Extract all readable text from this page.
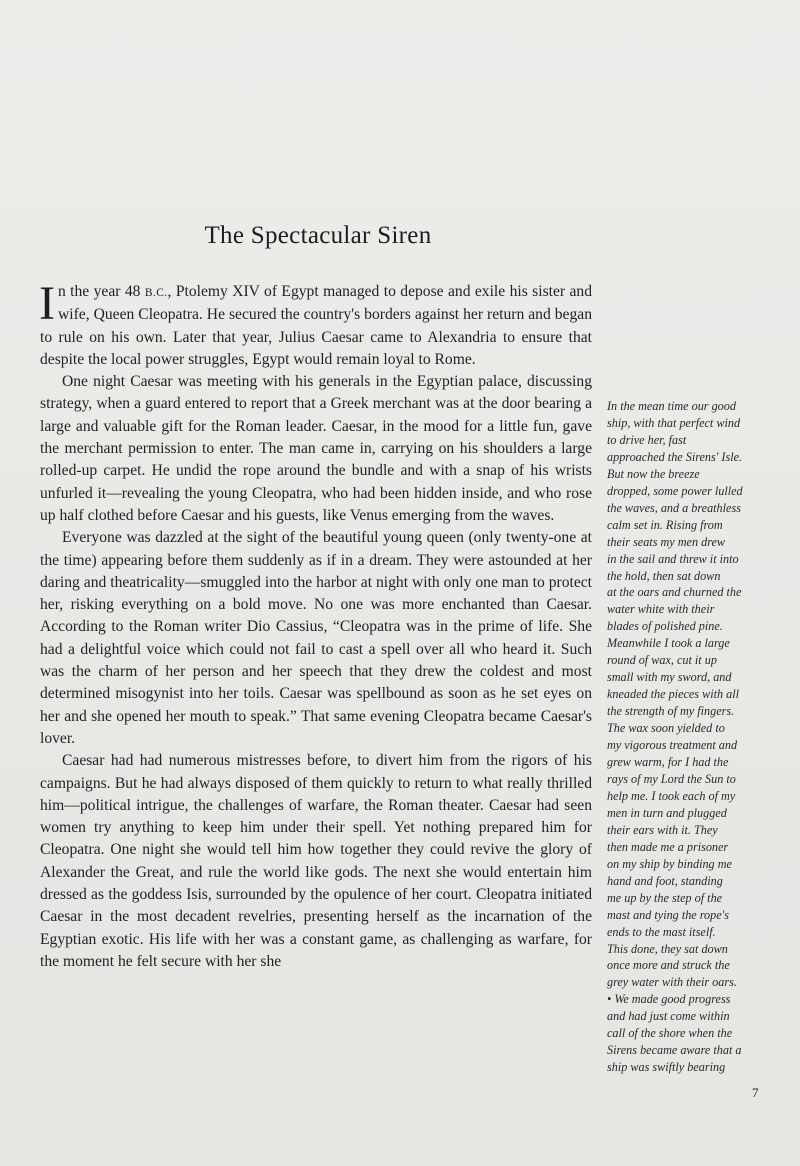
The Spectacular Siren

In the year 48 B.C., Ptolemy XIV of Egypt managed to depose and exile his sister and wife, Queen Cleopatra. He secured the country's borders against her return and began to rule on his own. Later that year, Julius Caesar came to Alexandria to ensure that despite the local power struggles, Egypt would remain loyal to Rome.

One night Caesar was meeting with his generals in the Egyptian palace, discussing strategy, when a guard entered to report that a Greek merchant was at the door bearing a large and valuable gift for the Roman leader. Caesar, in the mood for a little fun, gave the merchant permission to enter. The man came in, carrying on his shoulders a large rolled-up carpet. He undid the rope around the bundle and with a snap of his wrists unfurled it—revealing the young Cleopatra, who had been hidden inside, and who rose up half clothed before Caesar and his guests, like Venus emerging from the waves.

Everyone was dazzled at the sight of the beautiful young queen (only twenty-one at the time) appearing before them suddenly as if in a dream. They were astounded at her daring and theatricality—smuggled into the harbor at night with only one man to protect her, risking everything on a bold move. No one was more enchanted than Caesar. According to the Roman writer Dio Cassius, “Cleopatra was in the prime of life. She had a delightful voice which could not fail to cast a spell over all who heard it. Such was the charm of her person and her speech that they drew the coldest and most determined misogynist into her toils. Caesar was spellbound as soon as he set eyes on her and she opened her mouth to speak.” That same evening Cleopatra became Caesar's lover.

Caesar had had numerous mistresses before, to divert him from the rigors of his campaigns. But he had always disposed of them quickly to return to what really thrilled him—political intrigue, the challenges of warfare, the Roman theater. Caesar had seen women try anything to keep him under their spell. Yet nothing prepared him for Cleopatra. One night she would tell him how together they could revive the glory of Alexander the Great, and rule the world like gods. The next she would entertain him dressed as the goddess Isis, surrounded by the opulence of her court. Cleopatra initiated Caesar in the most decadent revelries, presenting herself as the incarnation of the Egyptian exotic. His life with her was a constant game, as challenging as warfare, for the moment he felt secure with her she

In the mean time our good
ship, with that perfect wind
to drive her, fast
approached the Sirens' Isle.
But now the breeze
dropped, some power lulled
the waves, and a breathless
calm set in. Rising from
their seats my men drew
in the sail and threw it into
the hold, then sat down
at the oars and churned the
water white with their
blades of polished pine.
Meanwhile I took a large
round of wax, cut it up
small with my sword, and
kneaded the pieces with all
the strength of my fingers.
The wax soon yielded to
my vigorous treatment and
grew warm, for I had the
rays of my Lord the Sun to
help me. I took each of my
men in turn and plugged
their ears with it. They
then made me a prisoner
on my ship by binding me
hand and foot, standing
me up by the step of the
mast and tying the rope's
ends to the mast itself.
This done, they sat down
once more and struck the
grey water with their oars.
• We made good progress
and had just come within
call of the shore when the
Sirens became aware that a
ship was swiftly bearing
7
